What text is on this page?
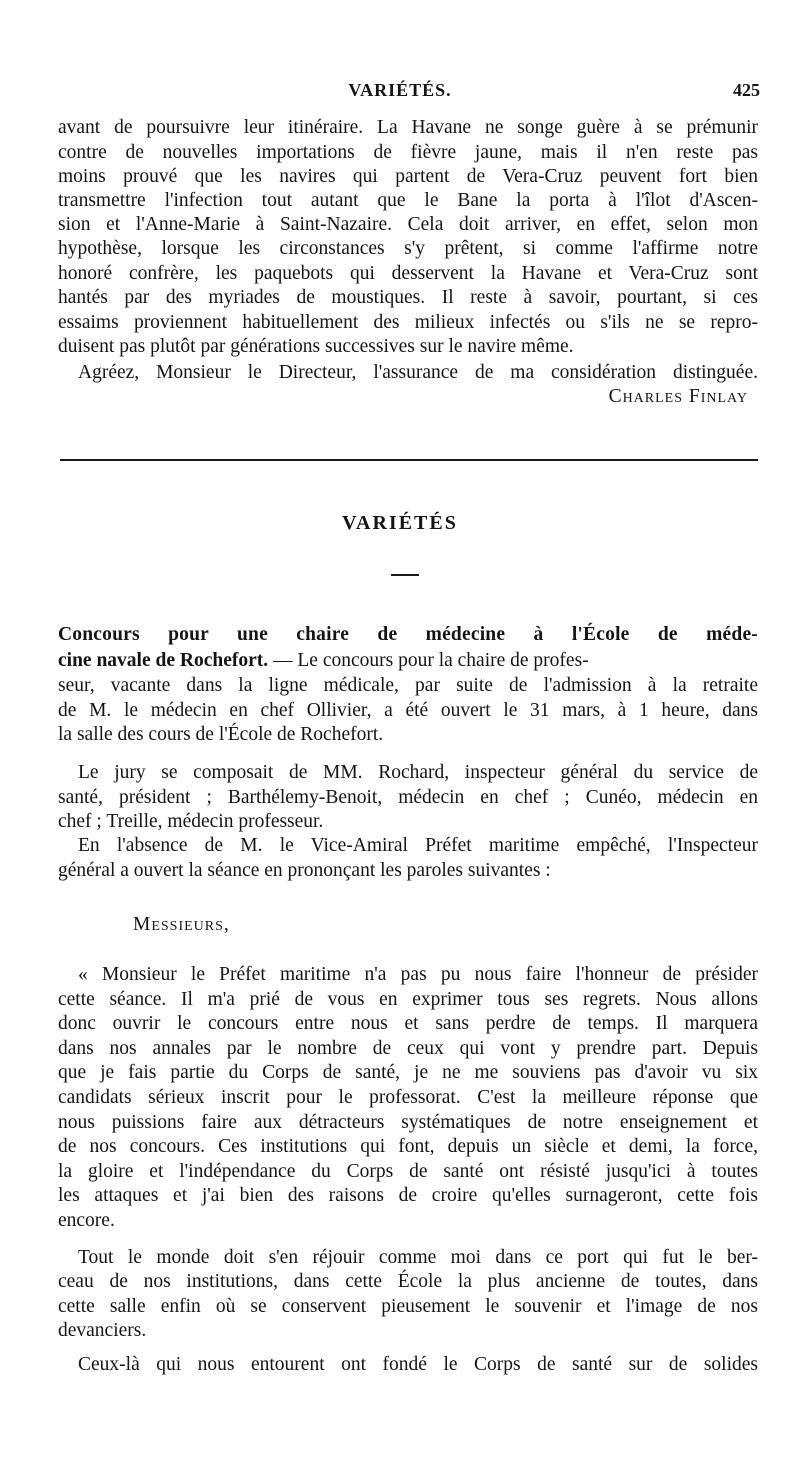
VARIÉTÉS.	425
avant de poursuivre leur itinéraire. La Havane ne songe guère à se prémunir
contre de nouvelles importations de fièvre jaune, mais il n'en reste pas
moins prouvé que les navires qui partent de Vera-Cruz peuvent fort bien
transmettre l'infection tout autant que le Bane la porta à l'îlot d'Ascen-
sion et l'Anne-Marie à Saint-Nazaire. Cela doit arriver, en effet, selon mon
hypothèse, lorsque les circonstances s'y prêtent, si comme l'affirme notre
honoré confrère, les paquebots qui desservent la Havane et Vera-Cruz sont
hantés par des myriades de moustiques. Il reste à savoir, pourtant, si ces
essaims proviennent habituellement des milieux infectés ou s'ils ne se repro-
duisent pas plutôt par générations successives sur le navire même.
Agréez, Monsieur le Directeur, l'assurance de ma considération distinguée.
Charles Finlay
VARIÉTÉS
Concours pour une chaire de médecine à l'École de méde-
cine navale de Rochefort. — Le concours pour la chaire de profes-
seur, vacante dans la ligne médicale, par suite de l'admission à la retraite
de M. le médecin en chef Ollivier, a été ouvert le 31 mars, à 1 heure, dans
la salle des cours de l'École de Rochefort.
Le jury se composait de MM. Rochard, inspecteur général du service de
santé, président ; Barthélemy-Benoit, médecin en chef ; Cunéo, médecin en
chef ; Treille, médecin professeur.
En l'absence de M. le Vice-Amiral Préfet maritime empêché, l'Inspecteur
général a ouvert la séance en prononçant les paroles suivantes :
Messieurs,
« Monsieur le Préfet maritime n'a pas pu nous faire l'honneur de présider
cette séance. Il m'a prié de vous en exprimer tous ses regrets. Nous allons
donc ouvrir le concours entre nous et sans perdre de temps. Il marquera
dans nos annales par le nombre de ceux qui vont y prendre part. Depuis
que je fais partie du Corps de santé, je ne me souviens pas d'avoir vu six
candidats sérieux inscrit pour le professorat. C'est la meilleure réponse que
nous puissions faire aux détracteurs systématiques de notre enseignement et
de nos concours. Ces institutions qui font, depuis un siècle et demi, la force,
la gloire et l'indépendance du Corps de santé ont résisté jusqu'ici à toutes
les attaques et j'ai bien des raisons de croire qu'elles surnageront, cette fois
encore.
Tout le monde doit s'en réjouir comme moi dans ce port qui fut le ber-
ceau de nos institutions, dans cette École la plus ancienne de toutes, dans
cette salle enfin où se conservent pieusement le souvenir et l'image de nos
devanciers.
Ceux-là qui nous entourent ont fondé le Corps de santé sur de solides
